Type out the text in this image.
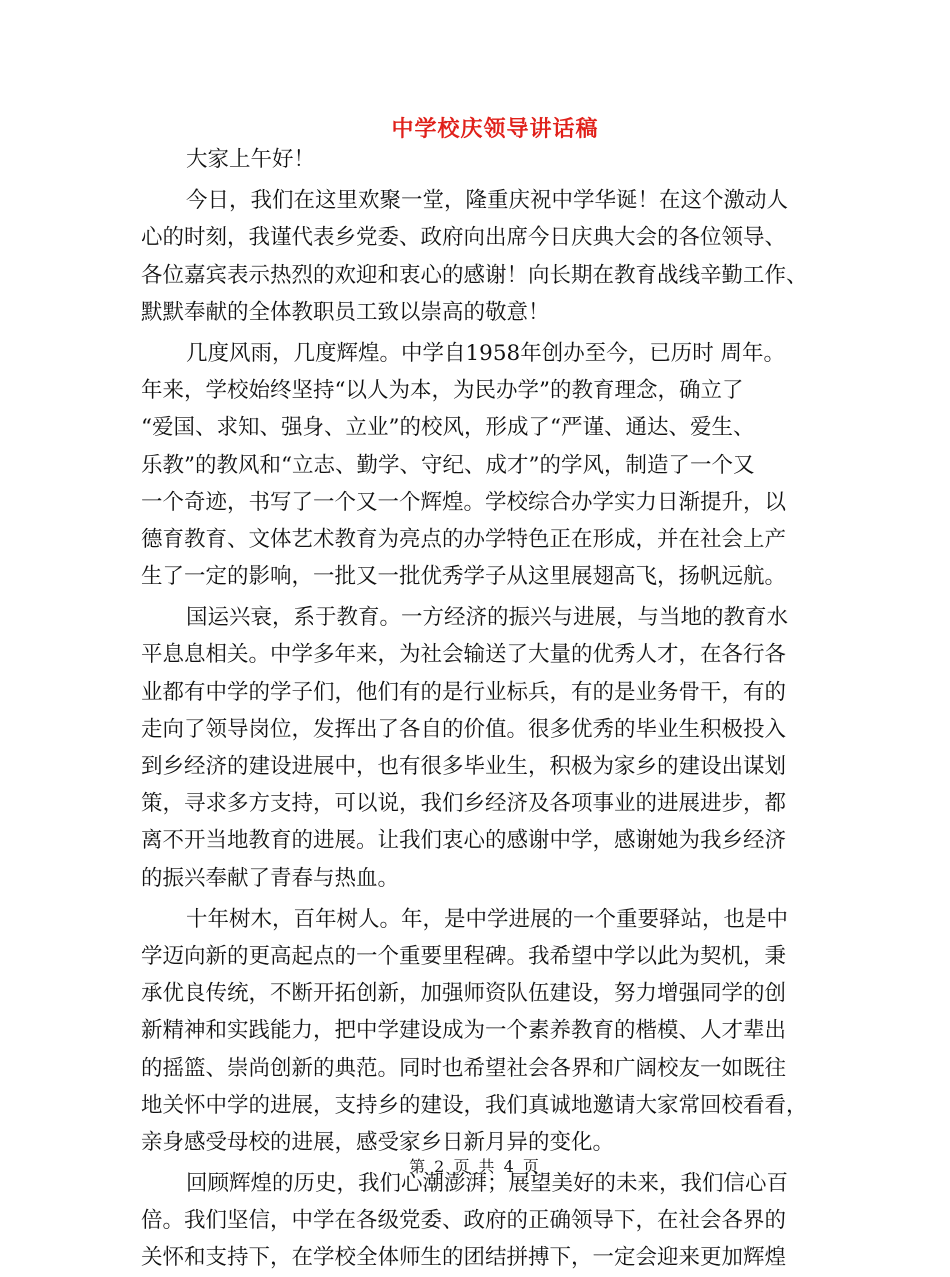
中学校庆领导讲话稿
大家上午好！
今日，我们在这里欢聚一堂，隆重庆祝中学华诞！在这个激动人
心的时刻，我谨代表乡党委、政府向出席今日庆典大会的各位领导、
各位嘉宾表示热烈的欢迎和衷心的感谢！向长期在教育战线辛勤工作、
默默奉献的全体教职员工致以崇高的敬意！
几度风雨，几度辉煌。中学自1958年创办至今，已历时 周年。
年来，学校始终坚持“以人为本，为民办学”的教育理念，确立了
“爱国、求知、强身、立业”的校风，形成了“严谨、通达、爱生、
乐教”的教风和“立志、勤学、守纪、成才”的学风，制造了一个又
一个奇迹，书写了一个又一个辉煌。学校综合办学实力日渐提升，以
德育教育、文体艺术教育为亮点的办学特色正在形成，并在社会上产
生了一定的影响，一批又一批优秀学子从这里展翅高飞，扬帆远航。
国运兴衰，系于教育。一方经济的振兴与进展，与当地的教育水
平息息相关。中学多年来，为社会输送了大量的优秀人才，在各行各
业都有中学的学子们，他们有的是行业标兵，有的是业务骨干，有的
走向了领导岗位，发挥出了各自的价值。很多优秀的毕业生积极投入
到乡经济的建设进展中，也有很多毕业生，积极为家乡的建设出谋划
策，寻求多方支持，可以说，我们乡经济及各项事业的进展进步，都
离不开当地教育的进展。让我们衷心的感谢中学，感谢她为我乡经济
的振兴奉献了青春与热血。
十年树木，百年树人。年，是中学进展的一个重要驿站，也是中
学迈向新的更高起点的一个重要里程碑。我希望中学以此为契机，秉
承优良传统，不断开拓创新，加强师资队伍建设，努力增强同学的创
新精神和实践能力，把中学建设成为一个素养教育的楷模、人才辈出
的摇篮、崇尚创新的典范。同时也希望社会各界和广阔校友一如既往
地关怀中学的进展，支持乡的建设，我们真诚地邀请大家常回校看看，
亲身感受母校的进展，感受家乡日新月异的变化。
回顾辉煌的历史，我们心潮澎湃；展望美好的未来，我们信心百
倍。我们坚信，中学在各级党委、政府的正确领导下，在社会各界的
关怀和支持下，在学校全体师生的团结拼搏下，一定会迎来更加辉煌
第 2 页 共 4 页
